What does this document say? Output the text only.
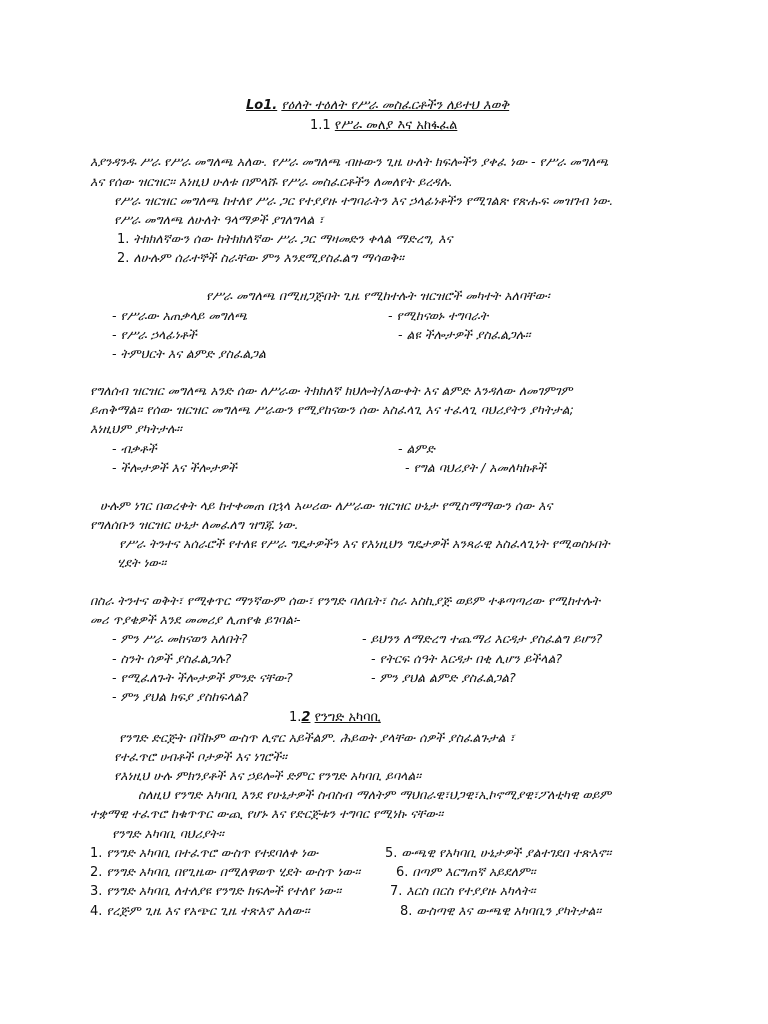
Lo1. የዕለት ተዕለት የሥራ መስፈርቶችን ለይተህ እወቅ
1.1 የሥራ መለያ እና አከፋፈል
እያንዳንዱ ሥራ የሥራ መግለጫ አለው. የሥራ መግለጫ ብዙውን ጊዜ ሁለት ክፍሎችን ያቀፈ ነው - የሥራ መግለጫ
እና የሰው ዝርዝር። እነዚህ ሁለቱ በምላሹ የሥራ መስፈርቶችን ለመለየት ይረዳሉ.
የሥራ ዝርዝር መግለጫ ከተለየ ሥራ ጋር የተያያዙ ተግባራትን እና ኃላፊነቶችን የሚገልጽ የጽሑፍ መዝገብ ነው.
የሥራ መግለጫ ለሁለት ዓላማዎች ያገለግላል ፣
1. ትክክለኛውን ሰው ከትክክለኛው ሥራ ጋር ማዛመድን ቀላል ማድረግ, እና
2. ለሁሉም ሰራተኞች ስራቸው ምን እንደሚያስፈልግ ማሳወቅ።
የሥራ መግለጫ በሚዘጋጅበት ጊዜ የሚከተሉት ዝርዝሮች መካተት አለባቸው፡
- የሥራው አጠቃላይ መግለጫ	- የሚከናወኑ ተግባራት
- የሥራ ኃላፊነቶች	- ልዩ ችሎታዎች ያስፈልጋሉ።
- ትምህርት እና ልምድ ያስፈልጋል
የግለሰብ ዝርዝር መግለጫ አንድ ሰው ለሥራው ትክክለኛ ክህሎት/እውቀት እና ልምድ እንዳለው ለመገምገም
ይጠቅማል። የሰው ዝርዝር መግለጫ ሥራውን የሚያከናውን ሰው አስፈላጊ እና ተፈላጊ ባህሪያትን ያካትታል;
እነዚህም ያካትታሉ።
- ብቃቶች	- ልምድ
- ችሎታዎች እና ችሎታዎች	- የግል ባህሪያት / አመለካከቶች
ሁሉም ነገር በወረቀት ላይ ከተቀመጠ በኋላ አሠሪው ለሥራው ዝርዝር ሁኔታ የሚስማማውን ሰው እና
የግለሰቡን ዝርዝር ሁኔታ ለመፈለግ ዝግጁ ነው.
የሥራ ትንተና አሰራሮች የተለዩ የሥራ ግዴታዎችን እና የእነዚህን ግዴታዎች አንጻራዊ አስፈላጊነት የሚወስኑበት
ሂደት ነው።
በስራ ትንተና ወቅት፣ የሚቀጥር ማንኛውም ሰው፣ የንግድ ባለቤት፣ ስራ አስኪያጅ ወይም ተቆጣጣሪው የሚከተሉት
መሪ ጥያቄዎች እንደ መመሪያ ሊጠየቁ ይገባል፡-
- ምን ሥራ መከናወን አለበት?	- ይህንን ለማድረግ ተጨማሪ እርዳታ ያስፈልግ ይሆን?
- ስንት ሰዎች ያስፈልጋሉ?	- የትርፍ ሰዓት እርዳታ በቂ ሊሆን ይችላል?
- የሚፈለጉት ችሎታዎች ምንድ ናቸው?	- ምን ያህል ልምድ ያስፈልጋል?
- ምን ያህል ክፍያ ያስከፍላል?
1.2 የንግድ አካባቢ
የንግድ ድርጅት በቫኩም ውስጥ ሊኖር አይችልም. ሕይወት ያላቸው ሰዎች ያስፈልጉታል ፣
የተፈጥሮ ሀብቶች ቦታዎች እና ነገሮች።
የእነዚህ ሁሉ ምክንያቶች እና ኃይሎች ድምር የንግድ አካባቢ ይባላል።
ስለዚህ የንግድ አካባቢ እንደ የሁኔታዎች ስብስብ ማለትም ማህበራዊ፣ህጋዊ፣ኢኮኖሚያዊ፣ፖለቲካዊ ወይም
ተቋማዊ ተፈጥሮ ከቁጥጥር ውጪ የሆኑ እና የድርጅቱን ተግባር የሚነኩ ናቸው።
የንግድ አካባቢ ባህሪያት።
1. የንግድ አካባቢ በተፈጥሮ ውስጥ የተደባለቀ ነው	5. ውጫዊ የአካባቢ ሁኔታዎች ያልተገደበ ተጽእኖ።
2. የንግድ አካባቢ በየጊዜው በሚለዋወጥ ሂደት ውስጥ ነው።	6. በጣም እርግጠኛ አይደለም።
3. የንግድ አካባቢ ለተለያዩ የንግድ ክፍሎች የተለየ ነው።	7. እርስ በርስ የተያያዙ አካላት።
4. የረጅም ጊዜ እና የአጭር ጊዜ ተጽእኖ አለው።	8. ውስጣዊ እና ውጫዊ አካባቢን ያካትታል።
